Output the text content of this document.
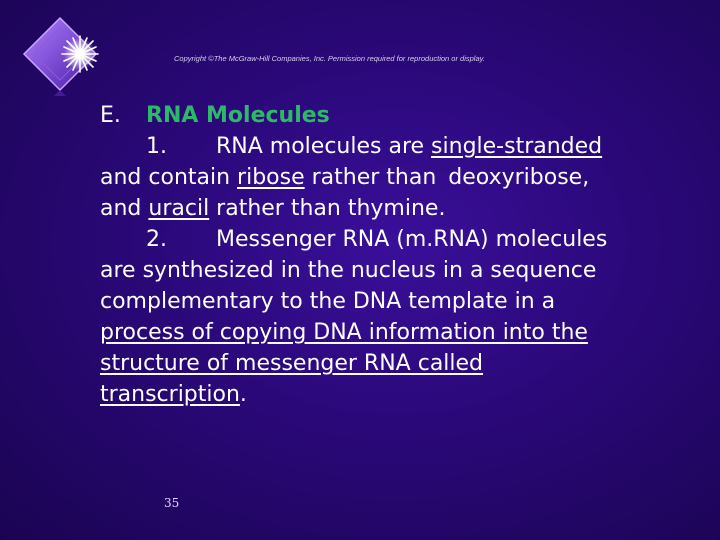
Copyright ©The McGraw-Hill Companies, Inc. Permission required for reproduction or display.

E.	RNA Molecules

1. RNA molecules are single-stranded

and contain ribose rather than deoxyribose,

and uracil rather than thymine.

2. Messenger RNA (m.RNA) molecules

are synthesized in the nucleus in a sequence

complementary to the DNA template in a

process of copying DNA information into the

structure of messenger RNA called

transcription.

35
